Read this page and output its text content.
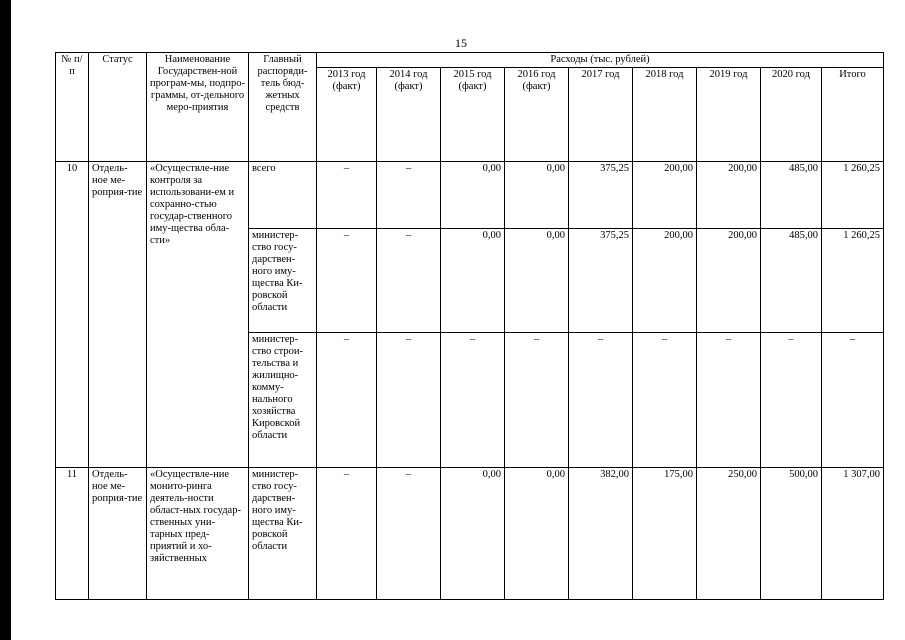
15
№ п/п	Статус	Наименование Государствен-ной програм-мы, подпро-граммы, от-дельного меро-приятия	Главный распоряди-тель бюд-жетных средств	Расходы (тыс. рублей)								
				2013 год (факт)	2014 год (факт)	2015 год (факт)	2016 год (факт)	2017 год	2018 год	2019 год	2020 год	Итого
10	Отдель-ное ме-роприя-тие	«Осуществле-ние контроля за использовани-ем и сохранно-стью государ-ственного иму-щества обла-сти»	всего	–	–	0,00	0,00	375,25	200,00	200,00	485,00	1 260,25
			министер-ство госу-дарствен-ного иму-щества Ки-ровской области	–	–	0,00	0,00	375,25	200,00	200,00	485,00	1 260,25
			министер-ство строи-тельства и жилищно-комму-нального хозяйства Кировской области	–	–	–	–	–	–	–	–	–
11	Отдель-ное ме-роприя-тие	«Осуществле-ние монито-ринга деятель-ности област-ных государ-ственных уни-тарных пред-приятий и хо-зяйственных	министер-ство госу-дарствен-ного иму-щества Ки-ровской области	–	–	0,00	0,00	382,00	175,00	250,00	500,00	1 307,00
